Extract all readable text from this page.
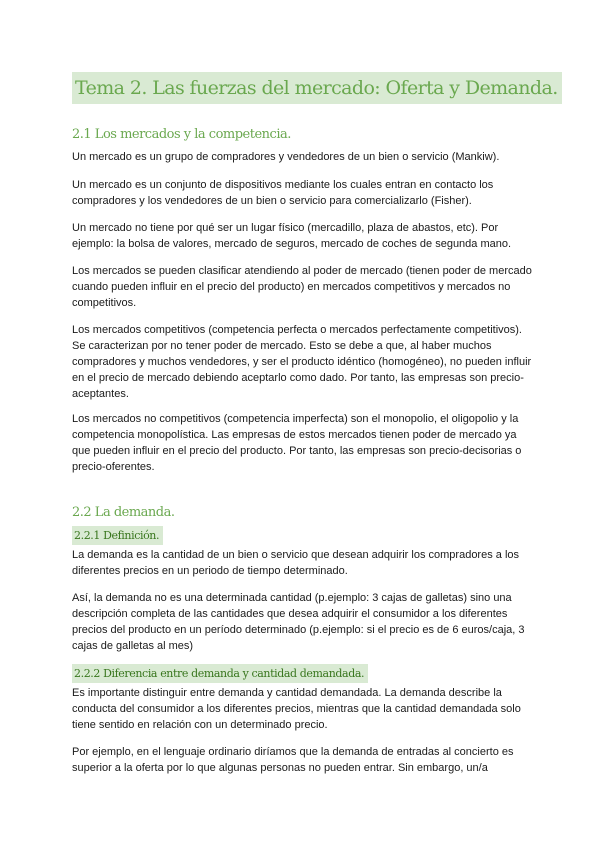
Tema 2. Las fuerzas del mercado: Oferta y Demanda.
2.1 Los mercados y la competencia.

Un mercado es un grupo de compradores y vendedores de un bien o servicio (Mankiw).

Un mercado es un conjunto de dispositivos mediante los cuales entran en contacto los compradores y los vendedores de un bien o servicio para comercializarlo (Fisher).

Un mercado no tiene por qué ser un lugar físico (mercadillo, plaza de abastos, etc). Por ejemplo: la bolsa de valores, mercado de seguros, mercado de coches de segunda mano.

Los mercados se pueden clasificar atendiendo al poder de mercado (tienen poder de mercado cuando pueden influir en el precio del producto) en mercados competitivos y mercados no competitivos.

Los mercados competitivos (competencia perfecta o mercados perfectamente competitivos). Se caracterizan por no tener poder de mercado. Esto se debe a que, al haber muchos compradores y muchos vendedores, y ser el producto idéntico (homogéneo), no pueden influir en el precio de mercado debiendo aceptarlo como dado. Por tanto, las empresas son precio-aceptantes.

Los mercados no competitivos (competencia imperfecta) son el monopolio, el oligopolio y la competencia monopolística. Las empresas de estos mercados tienen poder de mercado ya que pueden influir en el precio del producto. Por tanto, las empresas son precio-decisorias o precio-oferentes.

2.2 La demanda.
2.2.1 Definición.

La demanda es la cantidad de un bien o servicio que desean adquirir los compradores a los diferentes precios en un periodo de tiempo determinado.

Así, la demanda no es una determinada cantidad (p.ejemplo: 3 cajas de galletas) sino una descripción completa de las cantidades que desea adquirir el consumidor a los diferentes precios del producto en un período determinado (p.ejemplo: si el precio es de 6 euros/caja, 3 cajas de galletas al mes)

2.2.2 Diferencia entre demanda y cantidad demandada.

Es importante distinguir entre demanda y cantidad demandada. La demanda describe la conducta del consumidor a los diferentes precios, mientras que la cantidad demandada solo tiene sentido en relación con un determinado precio.

Por ejemplo, en el lenguaje ordinario diríamos que la demanda de entradas al concierto es superior a la oferta por lo que algunas personas no pueden entrar. Sin embargo, un/a
